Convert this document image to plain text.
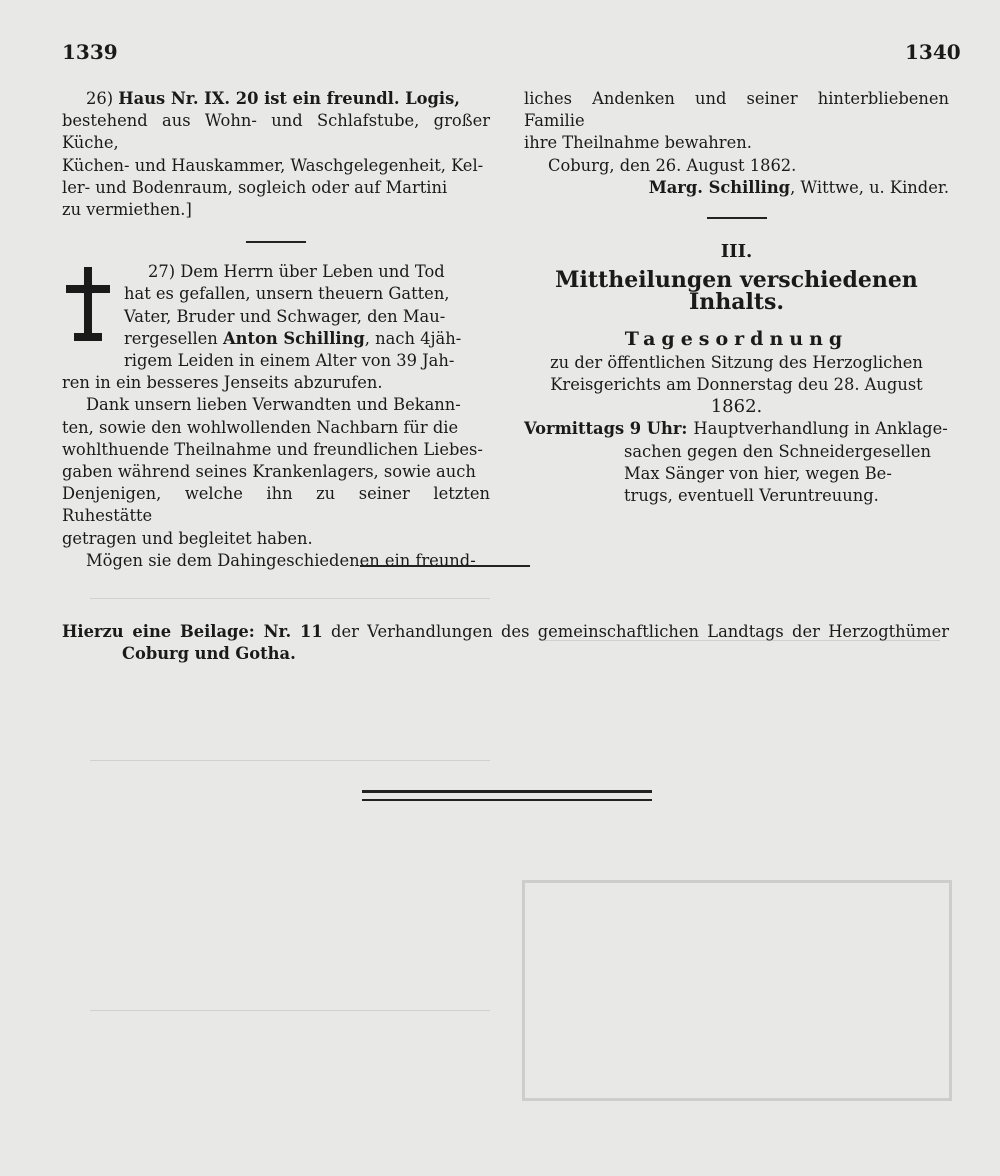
1339	1340

26) Haus Nr. IX. 20 ist ein freundl. Logis,

bestehend aus Wohn- und Schlafstube, großer Küche,

Küchen- und Hauskammer, Waschgelegenheit, Kel-

ler- und Bodenraum, sogleich oder auf Martini

zu vermiethen.]

27) Dem Herrn über Leben und Tod

hat es gefallen, unsern theuern Gatten,

Vater, Bruder und Schwager, den Mau-

rergesellen Anton Schilling, nach 4jäh-

rigem Leiden in einem Alter von 39 Jah-

ren in ein besseres Jenseits abzurufen.

Dank unsern lieben Verwandten und Bekann-

ten, sowie den wohlwollenden Nachbarn für die

wohlthuende Theilnahme und freundlichen Liebes-

gaben während seines Krankenlagers, sowie auch

Denjenigen, welche ihn zu seiner letzten Ruhestätte

getragen und begleitet haben.

Mögen sie dem Dahingeschiedenen ein freund-

liches Andenken und seiner hinterbliebenen Familie

ihre Theilnahme bewahren.

Coburg, den 26. August 1862.

Marg. Schilling, Wittwe, u. Kinder.

III.
Mittheilungen verschiedenen Inhalts.
Tagesordnung

zu der öffentlichen Sitzung des Herzoglichen

Kreisgerichts am Donnerstag deu 28. August

1862.

Vormittags 9 Uhr: Hauptverhandlung in Anklage-

sachen gegen den Schneidergesellen

Max Sänger von hier, wegen Be-

trugs, eventuell Veruntreuung.

Hierzu eine Beilage: Nr. 11 der Verhandlungen des gemeinschaftlichen Landtags der Herzogthümer
Coburg und Gotha.
